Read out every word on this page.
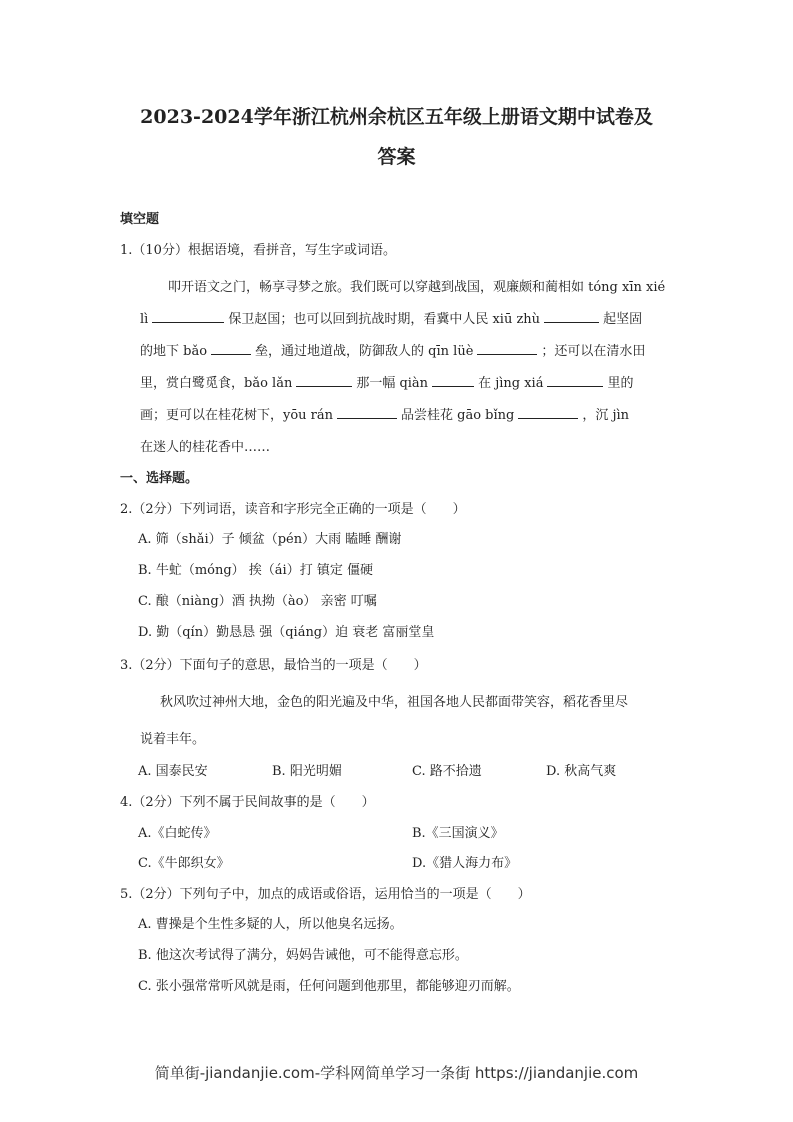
2023-2024学年浙江杭州余杭区五年级上册语文期中试卷及
答案
填空题
1.（10分）根据语境，看拼音，写生字或词语。
叩开语文之门，畅享寻梦之旅。我们既可以穿越到战国，观廉颇和蔺相如 tóng xīn xié
lì	保卫赵国；也可以回到抗战时期，看冀中人民 xiū zhù	起坚固
的地下 bǎo	垒，通过地道战，防御敌人的 qīn lüè	；还可以在清水田
里，赏白鹭觅食，bǎo lǎn	那一幅 qiàn	在 jìng xiá	里的
画；更可以在桂花树下，yōu rán	品尝桂花 gāo bǐng	，沉 jìn
在迷人的桂花香中……
一、选择题。
2.（2分）下列词语，读音和字形完全正确的一项是（　　）
A. 筛（shǎi）子 倾盆（pén）大雨 瞌睡 酬谢
B. 牛虻（móng） 挨（ái）打 镇定 僵硬
C. 酿（niàng）酒 执拗（ào） 亲密 叮嘱
D. 勤（qín）勤恳恳 强（qiáng）迫 衰老 富丽堂皇
3.（2分）下面句子的意思，最恰当的一项是（　　）
秋风吹过神州大地，金色的阳光遍及中华，祖国各地人民都面带笑容，稻花香里尽
说着丰年。
A. 国泰民安	B. 阳光明媚	C. 路不拾遗	D. 秋高气爽
4.（2分）下列不属于民间故事的是（　　）
A.《白蛇传》	B.《三国演义》
C.《牛郎织女》	D.《猎人海力布》
5.（2分）下列句子中，加点的成语或俗语，运用恰当的一项是（　　）
A. 曹操是个生性多疑的人，所以他臭名远扬。
B. 他这次考试得了满分，妈妈告诫他，可不能得意忘形。
C. 张小强常常听风就是雨，任何问题到他那里，都能够迎刃而解。
简单街-jiandanjie.com-学科网简单学习一条街 https://jiandanjie.com
